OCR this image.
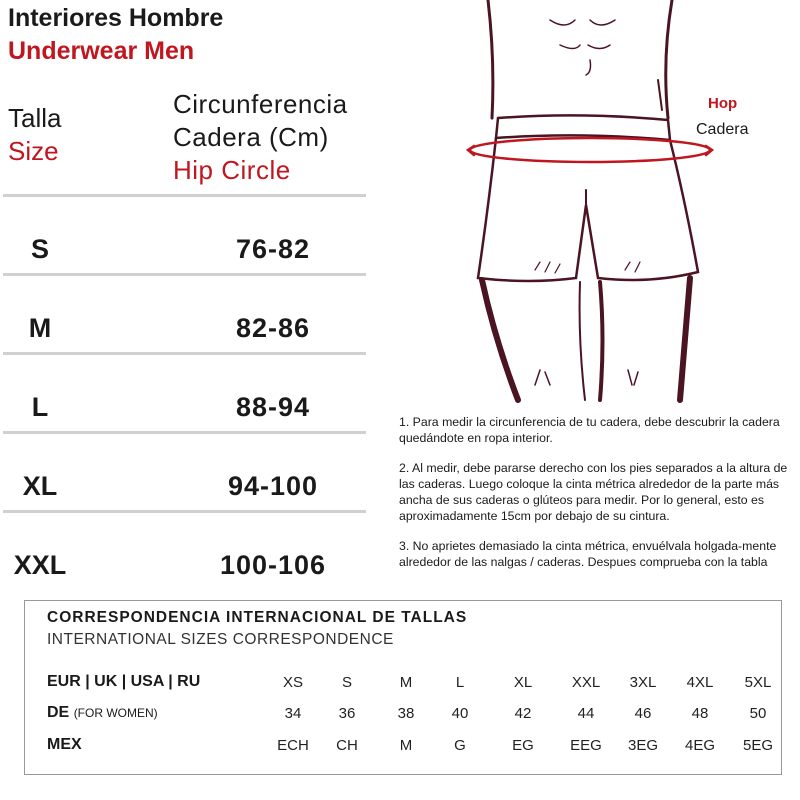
Interiores Hombre
Underwear Men
Talla
Size
Circunferencia
Cadera (Cm)
Hip Circle
S	76-82
M	82-86
L	88-94
XL	94-100
XXL	100-106
Hop
Cadera

1. Para medir la circunferencia de tu cadera, debe descubrir la cadera quedándote en ropa interior.

2. Al medir, debe pararse derecho con los pies separados a la altura de las caderas. Luego coloque la cinta métrica alrededor de la parte más ancha de sus caderas o glúteos para medir. Por lo general, esto es aproximadamente 15cm por debajo de su cintura.

3. No aprietes demasiado la cinta métrica, envuélvala holgada-mente alrededor de las nalgas / caderas. Despues comprueba con la tabla

CORRESPONDENCIA INTERNACIONAL DE TALLAS
INTERNATIONAL SIZES CORRESPONDENCE
EUR | UK | USA | RU	XS	S	M	L	XL	XXL	3XL	4XL	5XL
DE (FOR WOMEN)	34	36	38	40	42	44	46	48	50
MEX	ECH	CH	M	G	EG	EEG	3EG	4EG	5EG
